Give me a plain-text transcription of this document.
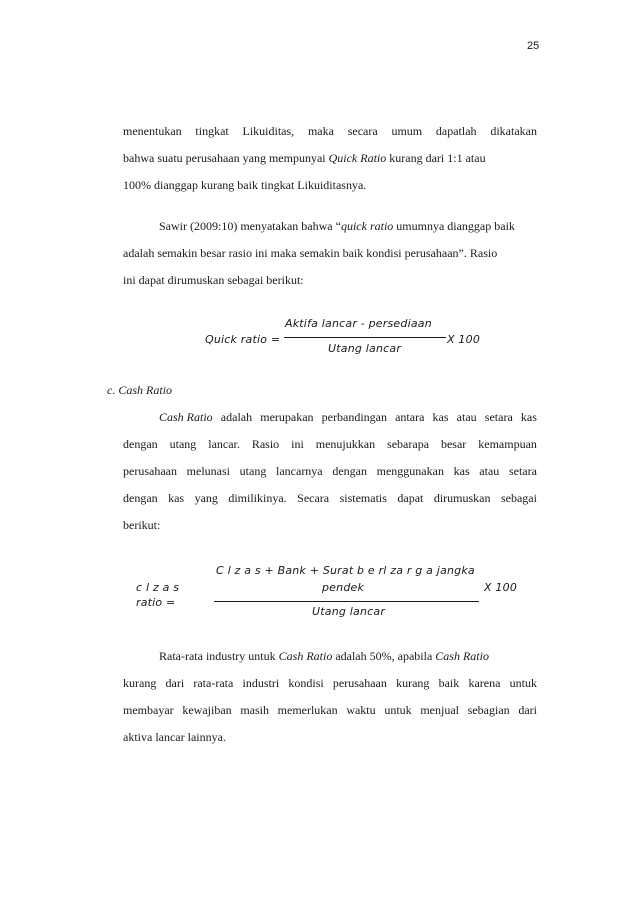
25
menentukan tingkat Likuiditas, maka secara umum dapatlah dikatakan
bahwa suatu perusahaan yang mempunyai Quick Ratio kurang dari 1:1 atau
100% dianggap kurang baik tingkat Likuiditasnya.
Sawir (2009:10) menyatakan bahwa “quick ratio umumnya dianggap baik
adalah semakin besar rasio ini maka semakin baik kondisi perusahaan”. Rasio
ini dapat dirumuskan sebagai berikut:
Quick ratio =
Aktifa lancar - persediaan
Utang lancar
X 100
c. Cash Ratio
Cash Ratio adalah merupakan perbandingan antara kas atau setara kas
dengan utang lancar. Rasio ini menujukkan sebarapa besar kemampuan
perusahaan melunasi utang lancarnya dengan menggunakan kas atau setara
dengan kas yang dimilikinya. Secara sistematis dapat dirumuskan sebagai
berikut:
c l z a s
ratio =
C l z a s + Bank + Surat b e rl za r g a jangka
pendek
Utang lancar
X 100
Rata-rata industry untuk Cash Ratio adalah 50%, apabila Cash Ratio
kurang dari rata-rata industri kondisi perusahaan kurang baik karena untuk
membayar kewajiban masih memerlukan waktu untuk menjual sebagian dari
aktiva lancar lainnya.
